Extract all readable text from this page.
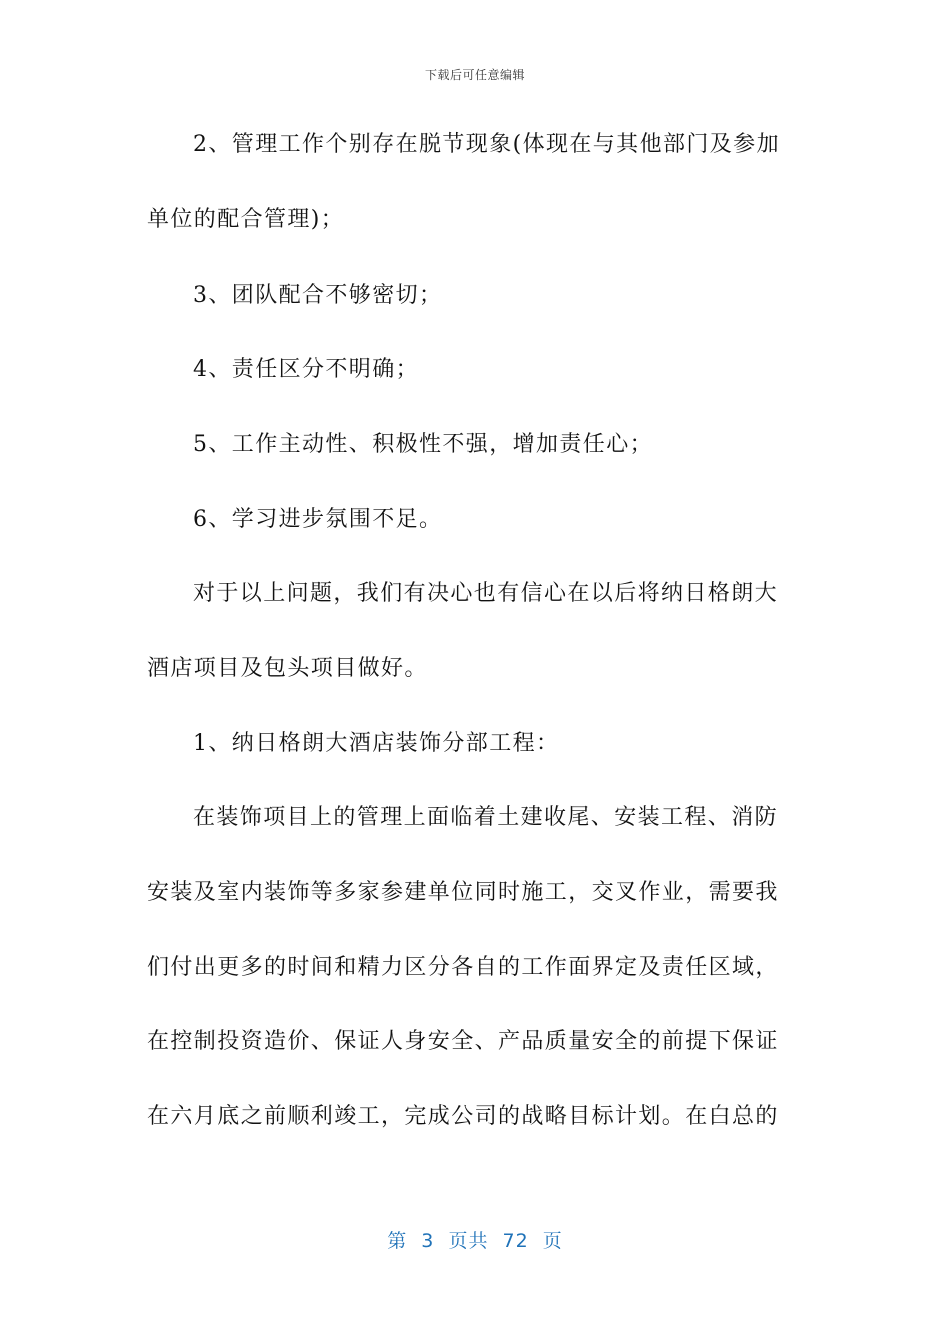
下载后可任意编辑
2、管理工作个别存在脱节现象(体现在与其他部门及参加
单位的配合管理)；
3、团队配合不够密切；
4、责任区分不明确；
5、工作主动性、积极性不强，增加责任心；
6、学习进步氛围不足。
对于以上问题，我们有决心也有信心在以后将纳日格朗大
酒店项目及包头项目做好。
1、纳日格朗大酒店装饰分部工程：
在装饰项目上的管理上面临着土建收尾、安装工程、消防
安装及室内装饰等多家参建单位同时施工，交叉作业，需要我
们付出更多的时间和精力区分各自的工作面界定及责任区域，
在控制投资造价、保证人身安全、产品质量安全的前提下保证
在六月底之前顺利竣工，完成公司的战略目标计划。在白总的
第  3  页共  72  页
